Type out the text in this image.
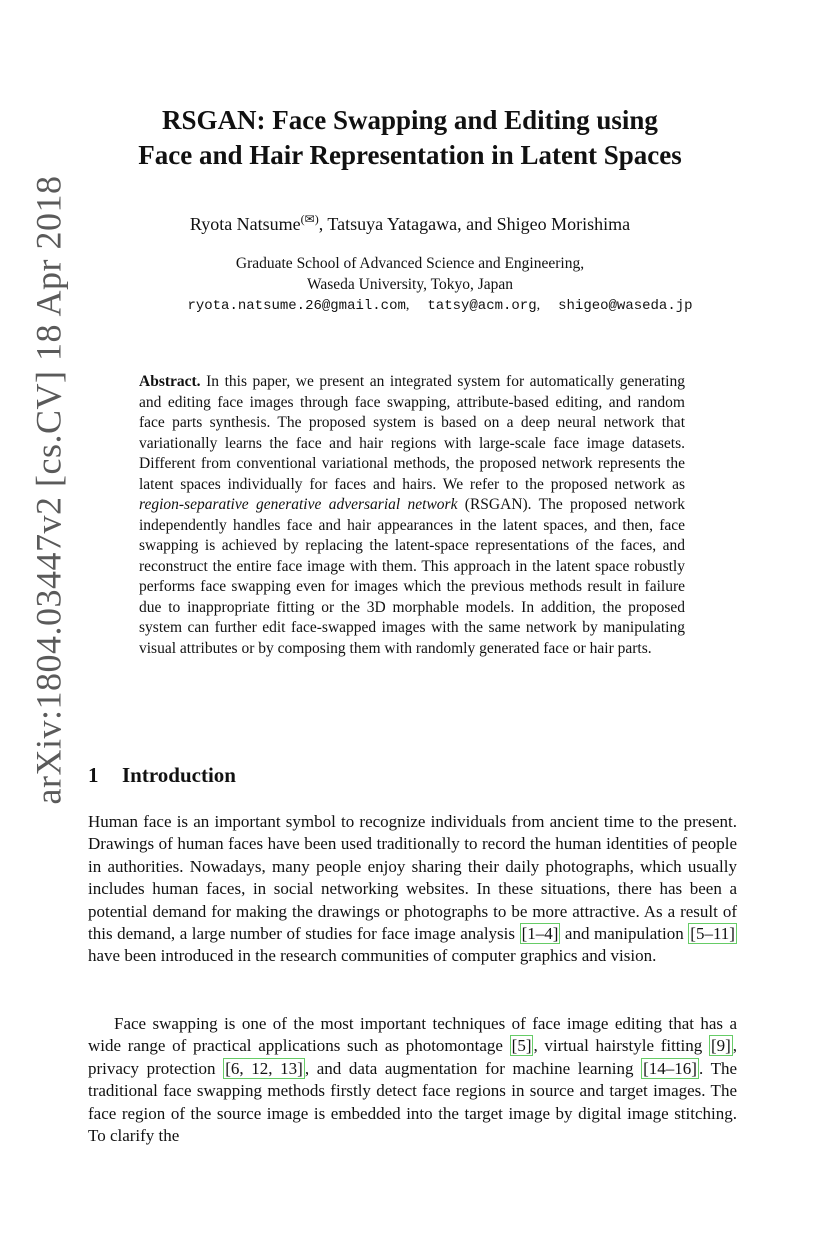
arXiv:1804.03447v2 [cs.CV] 18 Apr 2018
RSGAN: Face Swapping and Editing using
Face and Hair Representation in Latent Spaces
Ryota Natsume(✉), Tatsuya Yatagawa, and Shigeo Morishima
Graduate School of Advanced Science and Engineering,
Waseda University, Tokyo, Japan
ryota.natsume.26@gmail.com , tatsy@acm.org , shigeo@waseda.jp
Abstract. In this paper, we present an integrated system for automatically generating and editing face images through face swapping, attribute-based editing, and random face parts synthesis. The proposed system is based on a deep neural network that variationally learns the face and hair regions with large-scale face image datasets. Different from conventional variational methods, the proposed network represents the latent spaces individually for faces and hairs. We refer to the proposed network as region-separative generative adversarial network (RSGAN). The proposed network independently handles face and hair appearances in the latent spaces, and then, face swapping is achieved by replacing the latent-space representations of the faces, and reconstruct the entire face image with them. This approach in the latent space robustly performs face swapping even for images which the previous methods result in failure due to inappropriate fitting or the 3D morphable models. In addition, the proposed system can further edit face-swapped images with the same network by manipulating visual attributes or by composing them with randomly generated face or hair parts.
1 Introduction
Human face is an important symbol to recognize individuals from ancient time to the present. Drawings of human faces have been used traditionally to record the human identities of people in authorities. Nowadays, many people enjoy sharing their daily photographs, which usually includes human faces, in social networking websites. In these situations, there has been a potential demand for making the drawings or photographs to be more attractive. As a result of this demand, a large number of studies for face image analysis [1–4] and manipulation [5–11] have been introduced in the research communities of computer graphics and vision.
Face swapping is one of the most important techniques of face image editing that has a wide range of practical applications such as photomontage [5] , virtual hairstyle fitting [9] , privacy protection [6, 12, 13] , and data augmentation for machine learning [14–16] . The traditional face swapping methods firstly detect face regions in source and target images. The face region of the source image is embedded into the target image by digital image stitching. To clarify the
